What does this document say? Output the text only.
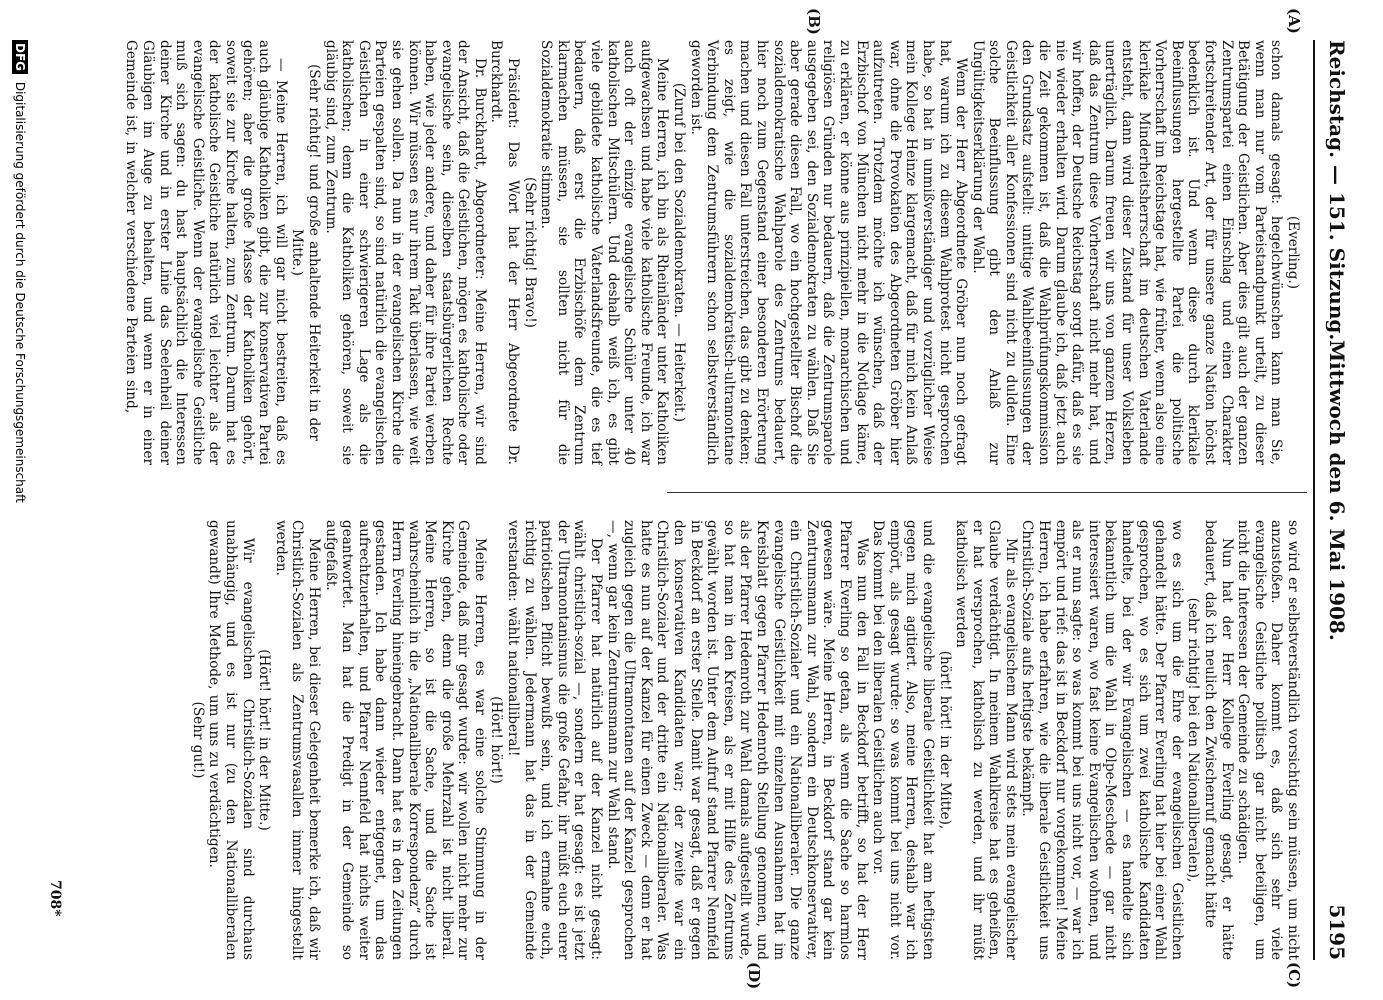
Reichstag. — 151. Sitzung.
Mittwoch den 6. Mai 1908.
5195
(A)
(B)
(C)
(D)

(Everling.)

schon damals gesagt: hegelchwünschen kann man Sie, wenn man nur vom Parteistandpunkt urteilt, zu dieser Betätigung der Geistlichen. Aber dies gilt auch der ganzen Zentrumspartei einen Einschlag und einen Charakter fortschreitender Art, der für unsere ganze Nation höchst bedenklich ist. Und wenn diese durch klerikale Beeinflussungen hergestellte Partei die politische Vorherrschaft im Reichstage hat, wie früher, wenn also eine klerikale Minderheitsherrschaft im deutschen Vaterlande entsteht, dann wird dieser Zustand für unser Volksleben unerträglich. Darum freuen wir uns von ganzem Herzen, daß das Zentrum diese Vorherrschaft nicht mehr hat, und wir hoffen, der Deutsche Reichstag sorgt dafür, daß es sie nie wieder erhalten wird. Darum glaube ich, daß jetzt auch die Zeit gekommen ist, daß die Wahlprüfungskommission den Grundsatz aufstellt: unittige Wahlbeeinflussungen der Geistlichkeit aller Konfessionen sind nicht zu dulden. Eine solche Beeinflussung gibt den Anlaß zur Ungültigkeitserklärung der Wahl.

Wenn der Herr Abgeordnete Gröber nun noch gefragt hat, warum ich zu diesem Wahlprotest nicht gesprochen habe, so hat in unmißverständiger und vorzüglicher Weise mein Kollege Heinze klargemacht, daß für mich kein Anlaß war, ohne die Provokation des Abgeordneten Gröber hier aufzutreten. Trotzdem möchte ich wünschen, daß der Erzbischof von München nicht mehr in die Notlage käme, zu erklären, er könne aus prinzipiellen, monarchischen und religiösen Gründen nur bedauern, daß die Zentrumsparole ausgegeben sei, den Sozialdemokraten zu wählen. Daß Sie aber gerade diesen Fall, wo ein hochgestellter Bischof die sozialdemokratische Wahlparole des Zentrums bedauert, hier noch zum Gegenstand einer besonderen Erörterung machen und diesen Fall unterstreichen, das gibt zu denken; es zeigt, wie die sozialdemokratisch-ultramontane Verbindung dem Zentrumsführern schon selbstverständlich geworden ist.

(Zuruf bei den Sozialdemokraten. — Heiterkeit.)

Meine Herren, ich bin als Rheinländer unter Katholiken aufgewachsen und habe viele katholische Freunde, ich war auch oft der einzige evangelische Schüler unter 40 katholischen Mitschülern. Und deshalb weiß ich, es gibt viele gebildete katholische Vaterlandsfreunde, die es tief bedauern, daß erst die Erzbischöfe dem Zentrum klarmachen müssen, sie sollten nicht für die Sozialdemokratie stimmen.

(Sehr richtig! Bravo!)

Präsident: Das Wort hat der Herr Abgeordnete Dr. Burckhardt.

Dr. Burckhardt, Abgeordneter: Meine Herren, wir sind der Ansicht, daß die Geistlichen, mögen es katholische oder evangelische sein, dieselben staatsbürgerlichen Rechte haben, wie jeder andere, und daher für ihre Partei werben können. Wir müssen es nur ihrem Takt überlassen, wie weit sie gehen sollen. Da nun in der evangelischen Kirche die Parteien gespalten sind, so sind natürlich die evangelischen Geistlichen in einer schwierigeren Lage als die katholischen; denn die Katholiken gehören, soweit sie gläubig sind, zum Zentrum.

(Sehr richtig! und große anhaltende Heiterkeit in der Mitte.)

— Meine Herren, ich will gar nicht bestreiten, daß es auch gläubige Katholiken gibt, die zur konservativen Partei gehören; aber die große Masse der Katholiken gehört, soweit sie zur Kirche halten, zum Zentrum. Darum hat es der katholische Geistliche natürlich viel leichter als der evangelische Geistliche. Wenn der evangelische Geistliche muß sich sagen: du hast hauptsächlich die Interessen deiner Kirche und in erster Linie das Seelenheil deiner Gläubigen im Auge zu behalten, und wenn er in einer Gemeinde ist, in welcher verschiedene Parteien sind,

so wird er selbstverständlich vorsichtig sein müssen, um nicht anzustoßen. Daher kommt es, daß sich sehr viele evangelische Geistliche politisch gar nicht beteiligen, um nicht die Interessen der Gemeinde zu schädigen.

Nun hat der Herr Kollege Everling gesagt, er hätte bedauert, daß ich neulich den Zwischenruf gemacht hätte

(sehr richtig! bei den Nationalliberalen),

wo es sich um die Ehre der evangelischen Geistlichen gehandelt hätte. Der Pfarrer Everling hat hier bei einer Wahl gesprochen, wo es sich um zwei katholische Kandidaten handelte, bei der wir Evangelischen — es handelte sich bekanntlich um die Wahl in Olpe-Meschede — gar nicht interessiert waren, wo fast keine Evangelischen wohnen, und als er nun sagte: so was kommt bei uns nicht vor, — war ich empört und rief: das ist in Beckdorf nur vorgekommen! Meine Herren, ich habe erfahren, wie die liberale Geistlichkeit uns Christlich-Soziale aufs heftigste bekämpft.

Mir als evangelischem Mann wird stets mein evangelischer Glaube verdächtigt. In meinem Wahlkreise hat es geheißen, er hat versprochen, katholisch zu werden, und ihr müßt katholisch werden

(hört! hört! in der Mitte),

und die evangelische liberale Geistlichkeit hat am heftigsten gegen mich agitiert. Also, meine Herren, deshalb war ich empört, als gesagt wurde: so was kommt bei uns nicht vor. Das kommt bei den liberalen Geistlichen auch vor.

Was nun den Fall in Beckdorf betrifft, so hat der Herr Pfarrer Everling so getan, als wenn die Sache so harmlos gewesen wäre. Meine Herren, in Beckdorf stand gar kein Zentrumsmann zur Wahl, sondern ein Deutschkonservativer, ein Christlich-Sozialer und ein Nationalliberaler. Die ganze evangelische Geistlichkeit mit einzelnen Ausnahmen hat im Kreisblatt gegen Pfarrer Hedenroth Stellung genommen, und als der Pfarrer Hedenroth zur Wahl damals aufgestellt wurde, so hat man in den Kreisen, als er mit Hilfe des Zentrums gewählt worden ist. Unter dem Aufruf stand Pfarrer Nennfeld in Beckdorf an erster Stelle. Damit war gesagt, daß er gegen den konservativen Kandidaten war; der zweite war ein Christlich-Sozialer und der dritte ein Nationalliberaler. Was hatte es nun auf der Kanzel für einen Zweck — denn er hat zugleich gegen die Ultramontanen auf der Kanzel gesprochen —, wenn gar kein Zentrumsmann zur Wahl stand.

Der Pfarrer hat natürlich auf der Kanzel nicht gesagt: wählt christlich-sozial —, sondern er hat gesagt: es ist jetzt der Ultramontanismus die große Gefahr, ihr müßt euch eurer patriotischen Pflicht bewußt sein, und ich ermahne euch, richtig zu wählen. Jedermann hat das in der Gemeinde verstanden: wählt nationalliberal!

(Hört! hört!)

Meine Herren, es war eine solche Stimmung in der Gemeinde, daß mir gesagt wurde: wir wollen nicht mehr zur Kirche gehen, denn die große Mehrzahl ist nicht liberal. Meine Herren, so ist die Sache, und die Sache ist wahrscheinlich in die „Nationalliberale Korrespondenz“ durch Herrn Everling hineingebracht. Dann hat es in den Zeitungen gestanden. Ich habe dann wieder entgegnet, um das aufrechtzuerhalten, und Pfarrer Nennfeld hat nichts weiter geantwortet. Man hat die Predigt in der Gemeinde so aufgefaßt.

Meine Herren, bei dieser Gelegenheit bemerke ich, daß wir Christlich-Sozialen als Zentrumsvasallen immer hingestellt werden.

(Hört! hört! in der Mitte.)

Wir evangelischen Christlich-Sozialen sind durchaus unabhängig, und es ist nur (zu den Nationalliberalen gewandt) Ihre Methode, um uns zu verdächtigen.

(Sehr gut!)

708*
DFG Digitalisierung gefördert durch die Deutsche Forschungsgemeinschaft
